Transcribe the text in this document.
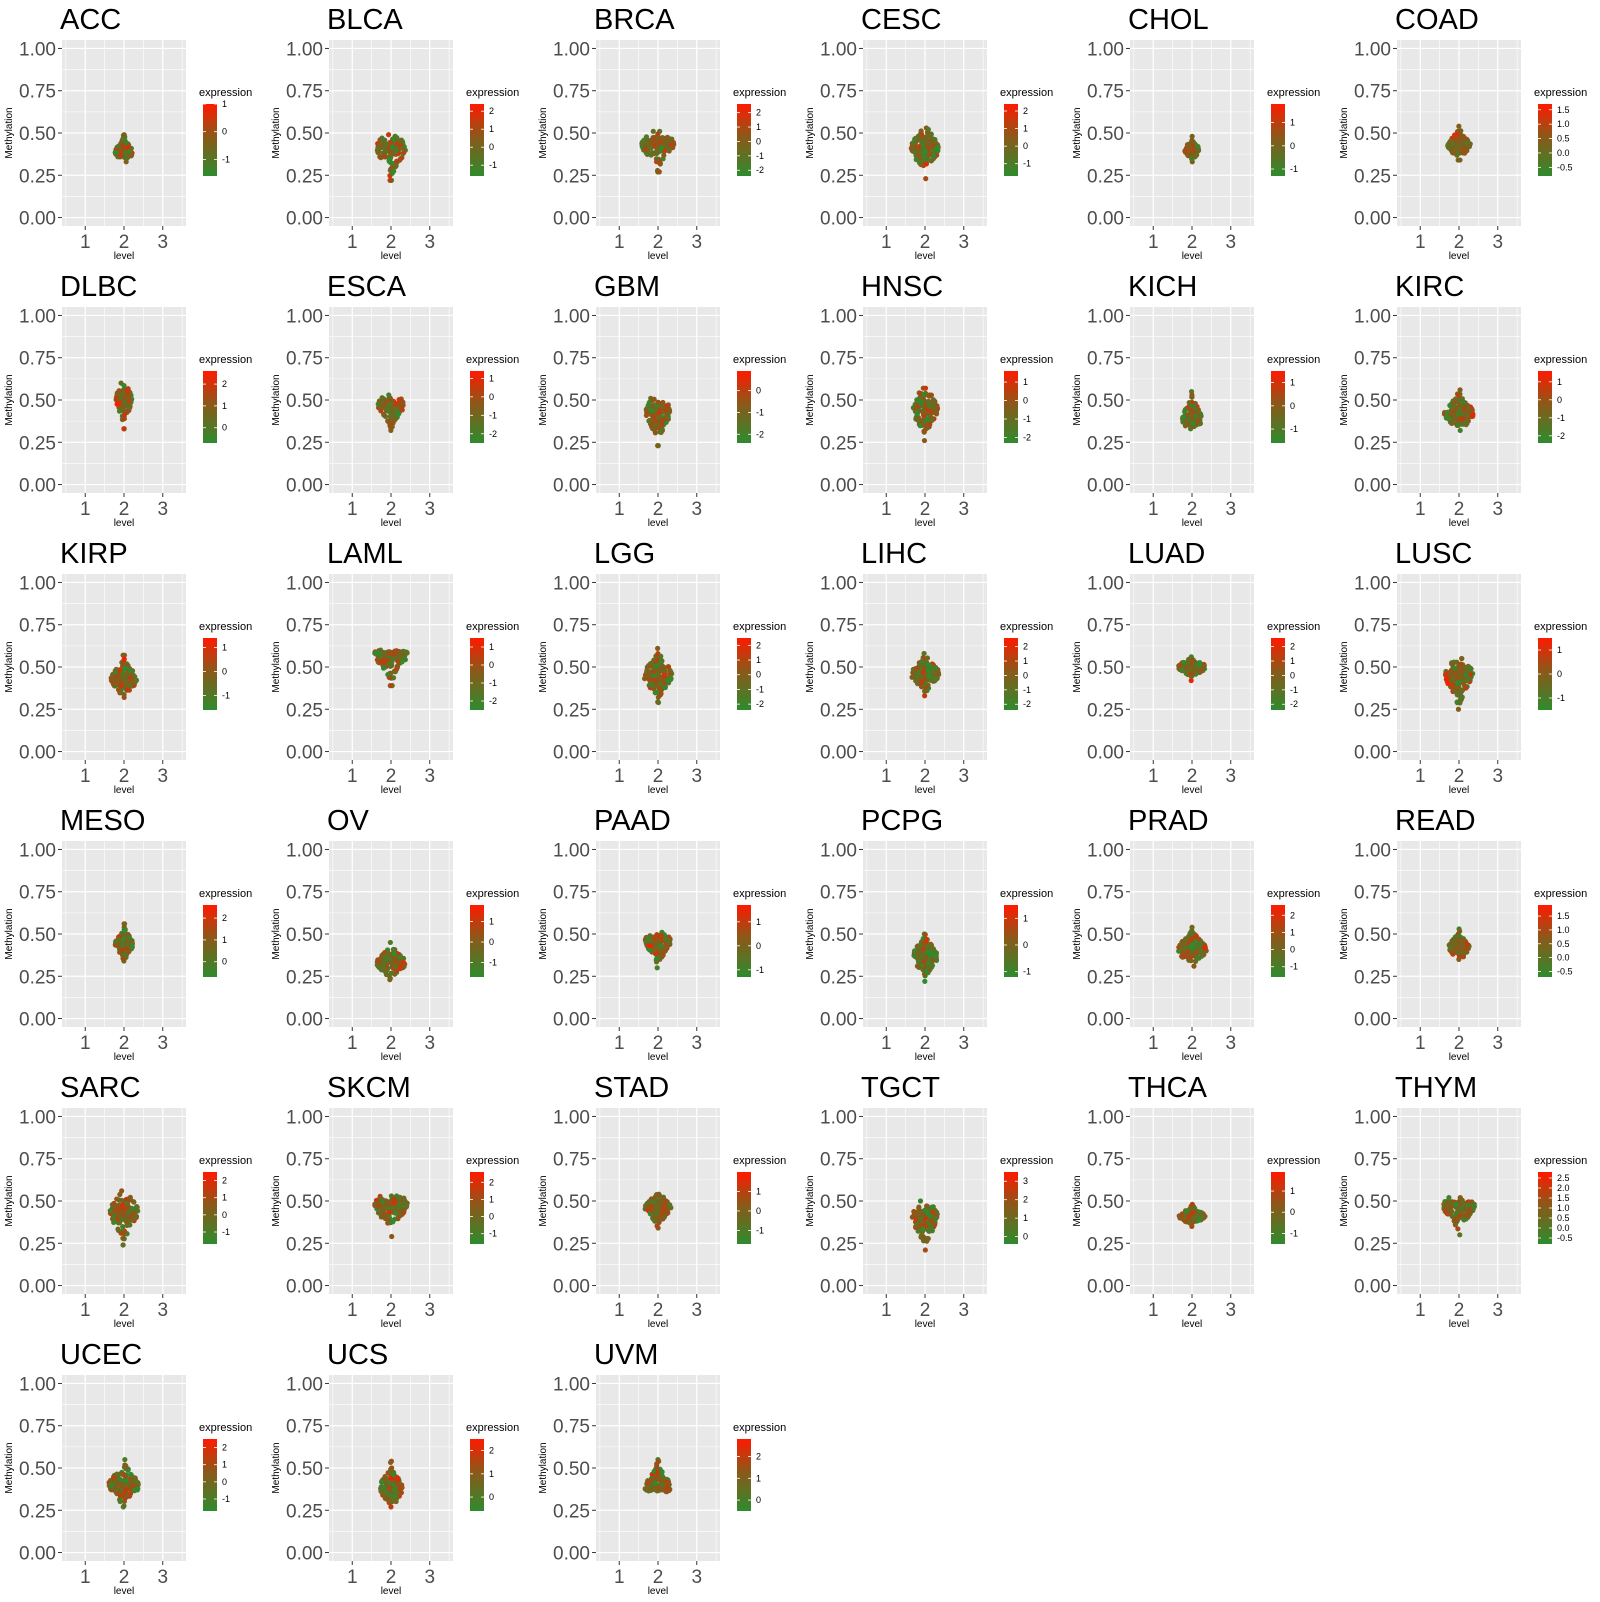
ACC
0.00
0.25
0.50
0.75
1.00
1 2 3
level
Methylation
expression
1
0
-1
BLCA
0.00
0.25
0.50
0.75
1.00
1 2 3
level
Methylation
expression
2
1
0
-1
BRCA
0.00
0.25
0.50
0.75
1.00
1 2 3
level
Methylation
expression
2
1
0
-1
-2
CESC
0.00
0.25
0.50
0.75
1.00
1 2 3
level
Methylation
expression
2
1
0
-1
CHOL
0.00
0.25
0.50
0.75
1.00
1 2 3
level
Methylation
expression
1
0
-1
COAD
0.00
0.25
0.50
0.75
1.00
1 2 3
level
Methylation
expression
1.5
1.0
0.5
0.0
-0.5
DLBC
0.00
0.25
0.50
0.75
1.00
1 2 3
level
Methylation
expression
2
1
0
ESCA
0.00
0.25
0.50
0.75
1.00
1 2 3
level
Methylation
expression
1
0
-1
-2
GBM
0.00
0.25
0.50
0.75
1.00
1 2 3
level
Methylation
expression
0
-1
-2
HNSC
0.00
0.25
0.50
0.75
1.00
1 2 3
level
Methylation
expression
1
0
-1
-2
KICH
0.00
0.25
0.50
0.75
1.00
1 2 3
level
Methylation
expression
1
0
-1
KIRC
0.00
0.25
0.50
0.75
1.00
1 2 3
level
Methylation
expression
1
0
-1
-2
KIRP
0.00
0.25
0.50
0.75
1.00
1 2 3
level
Methylation
expression
1
0
-1
LAML
0.00
0.25
0.50
0.75
1.00
1 2 3
level
Methylation
expression
1
0
-1
-2
LGG
0.00
0.25
0.50
0.75
1.00
1 2 3
level
Methylation
expression
2
1
0
-1
-2
LIHC
0.00
0.25
0.50
0.75
1.00
1 2 3
level
Methylation
expression
2
1
0
-1
-2
LUAD
0.00
0.25
0.50
0.75
1.00
1 2 3
level
Methylation
expression
2
1
0
-1
-2
LUSC
0.00
0.25
0.50
0.75
1.00
1 2 3
level
Methylation
expression
1
0
-1
MESO
0.00
0.25
0.50
0.75
1.00
1 2 3
level
Methylation
expression
2
1
0
OV
0.00
0.25
0.50
0.75
1.00
1 2 3
level
Methylation
expression
1
0
-1
PAAD
0.00
0.25
0.50
0.75
1.00
1 2 3
level
Methylation
expression
1
0
-1
PCPG
0.00
0.25
0.50
0.75
1.00
1 2 3
level
Methylation
expression
1
0
-1
PRAD
0.00
0.25
0.50
0.75
1.00
1 2 3
level
Methylation
expression
2
1
0
-1
READ
0.00
0.25
0.50
0.75
1.00
1 2 3
level
Methylation
expression
1.5
1.0
0.5
0.0
-0.5
SARC
0.00
0.25
0.50
0.75
1.00
1 2 3
level
Methylation
expression
2
1
0
-1
SKCM
0.00
0.25
0.50
0.75
1.00
1 2 3
level
Methylation
expression
2
1
0
-1
STAD
0.00
0.25
0.50
0.75
1.00
1 2 3
level
Methylation
expression
1
0
-1
TGCT
0.00
0.25
0.50
0.75
1.00
1 2 3
level
Methylation
expression
3
2
1
0
THCA
0.00
0.25
0.50
0.75
1.00
1 2 3
level
Methylation
expression
1
0
-1
THYM
0.00
0.25
0.50
0.75
1.00
1 2 3
level
Methylation
expression
2.5
2.0
1.5
1.0
0.5
0.0
-0.5
UCEC
0.00
0.25
0.50
0.75
1.00
1 2 3
level
Methylation
expression
2
1
0
-1
UCS
0.00
0.25
0.50
0.75
1.00
1 2 3
level
Methylation
expression
2
1
0
UVM
0.00
0.25
0.50
0.75
1.00
1 2 3
level
Methylation
expression
2
1
0
